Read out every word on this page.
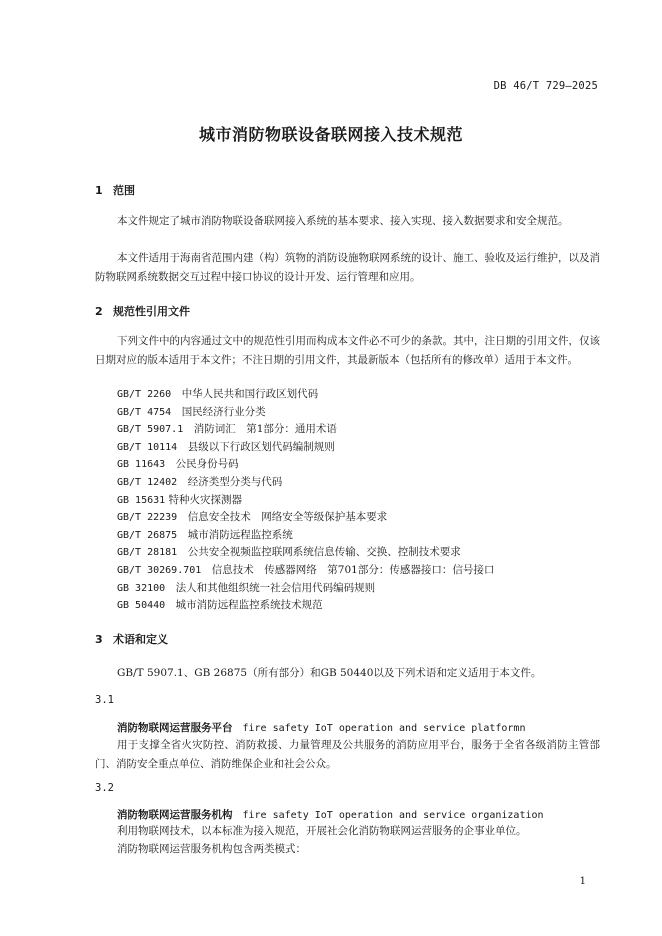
DB 46/T 729—2025
城市消防物联设备联网接入技术规范
1 范围
本文件规定了城市消防物联设备联网接入系统的基本要求、接入实现、接入数据要求和安全规范。
本文件适用于海南省范围内建（构）筑物的消防设施物联网系统的设计、施工、验收及运行维护，以及消防物联网系统数据交互过程中接口协议的设计开发、运行管理和应用。
2 规范性引用文件
下列文件中的内容通过文中的规范性引用而构成本文件必不可少的条款。其中，注日期的引用文件，仅该日期对应的版本适用于本文件；不注日期的引用文件，其最新版本（包括所有的修改单）适用于本文件。
GB/T 2260　 中华人民共和国行政区划代码
GB/T 4754　 国民经济行业分类
GB/T 5907.1　 消防词汇　第1部分：通用术语
GB/T 10114　 县级以下行政区划代码编制规则
GB 11643　 公民身份号码
GB/T 12402　 经济类型分类与代码
GB 15631 特种火灾探测器
GB/T 22239　 信息安全技术　网络安全等级保护基本要求
GB/T 26875　 城市消防远程监控系统
GB/T 28181　 公共安全视频监控联网系统信息传输、交换、控制技术要求
GB/T 30269.701　 信息技术　传感器网络　第701部分：传感器接口：信号接口
GB 32100　 法人和其他组织统一社会信用代码编码规则
GB 50440　 城市消防远程监控系统技术规范
3 术语和定义
GB/T 5907.1、GB 26875（所有部分）和GB 50440以及下列术语和定义适用于本文件。
3.1
消防物联网运营服务平台 fire safety IoT operation and service platformn
用于支撑全省火灾防控、消防救援、力量管理及公共服务的消防应用平台，服务于全省各级消防主管部门、消防安全重点单位、消防维保企业和社会公众。
3.2
消防物联网运营服务机构 fire safety IoT operation and service organization
利用物联网技术，以本标准为接入规范，开展社会化消防物联网运营服务的企事业单位。
消防物联网运营服务机构包含两类模式：
1
